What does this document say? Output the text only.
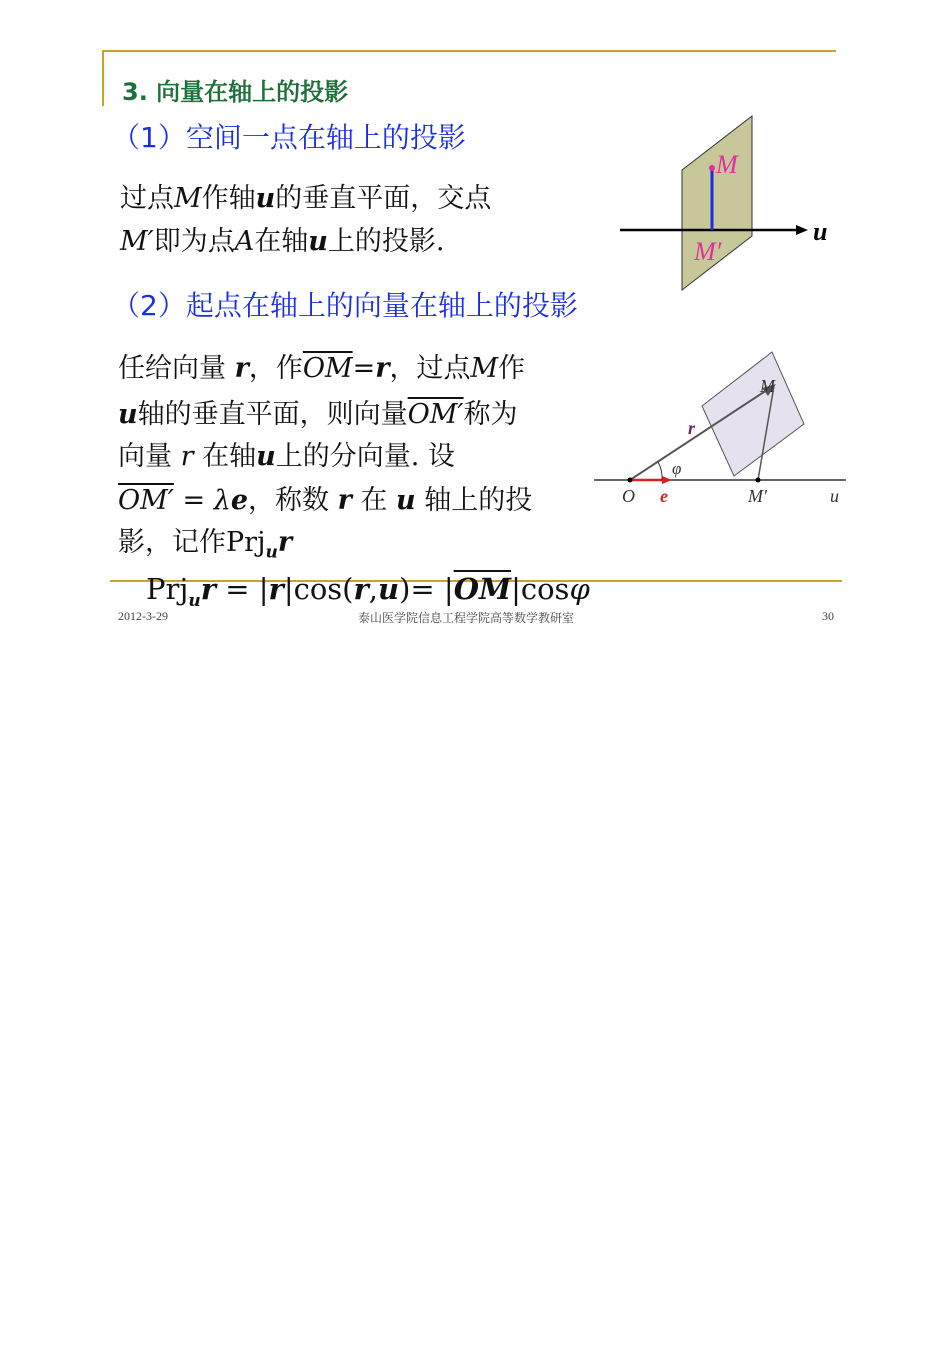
3. 向量在轴上的投影
（1）空间一点在轴上的投影
过点M作轴u的垂直平面，交点
M′即为点A在轴u上的投影.
M
M′
u
（2）起点在轴上的向量在轴上的投影
任给向量 r，作$\overline{OM}=r$，过点M作
u轴的垂直平面，则向量OM′称为
向量 r 在轴u上的分向量. 设
OM′ = λe，称数 r 在 u 轴上的投
影，记作Prj$_u$r
M
r
φ
O e	M′	u
$Prj_ur = |r|\cos(r,u)= |\overline{OM}|\cos\varphi$
2012-3-29	泰山医学院信息工程学院高等数学教研室	30
